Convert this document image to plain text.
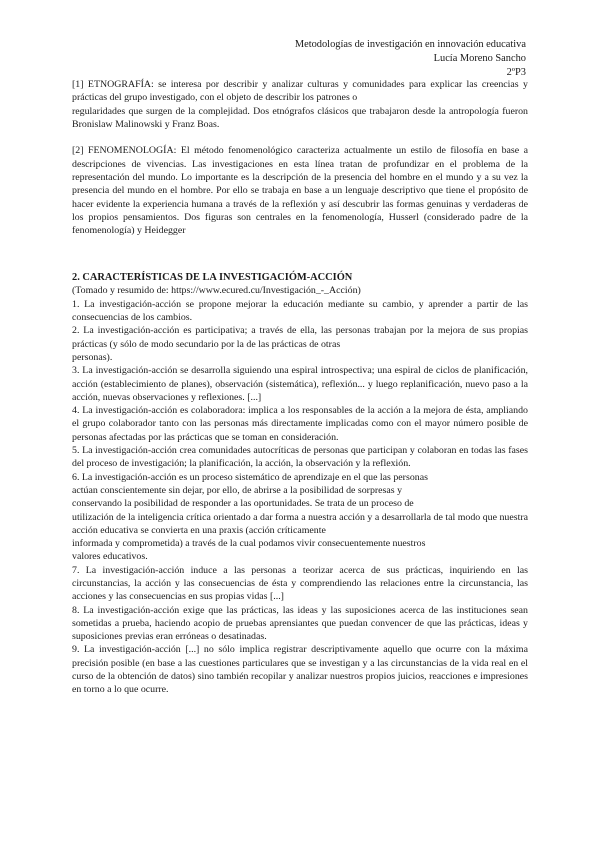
Metodologías de investigación en innovación educativa
Lucía Moreno Sancho
2ºP3

[1] ETNOGRAFÍA: se interesa por describir y analizar culturas y comunidades para explicar las creencias y prácticas del grupo investigado, con el objeto de describir los patrones o

regularidades que surgen de la complejidad. Dos etnógrafos clásicos que trabajaron desde la antropología fueron Bronislaw Malinowski y Franz Boas.

[2] FENOMENOLOGÍA: El método fenomenológico caracteriza actualmente un estilo de filosofía en base a descripciones de vivencias. Las investigaciones en esta línea tratan de profundizar en el problema de la representación del mundo. Lo importante es la descripción de la presencia del hombre en el mundo y a su vez la presencia del mundo en el hombre. Por ello se trabaja en base a un lenguaje descriptivo que tiene el propósito de hacer evidente la experiencia humana a través de la reflexión y así descubrir las formas genuinas y verdaderas de los propios pensamientos. Dos figuras son centrales en la fenomenología, Husserl (considerado padre de la fenomenología) y Heidegger

2. CARACTERÍSTICAS DE LA INVESTIGACIÓM-ACCIÓN

(Tomado y resumido de: https://www.ecured.cu/Investigación_-_Acción)

1. La investigación-acción se propone mejorar la educación mediante su cambio, y aprender a partir de las consecuencias de los cambios.

2. La investigación-acción es participativa; a través de ella, las personas trabajan por la mejora de sus propias prácticas (y sólo de modo secundario por la de las prácticas de otras

personas).

3. La investigación-acción se desarrolla siguiendo una espiral introspectiva; una espiral de ciclos de planificación, acción (establecimiento de planes), observación (sistemática), reflexión... y luego replanificación, nuevo paso a la acción, nuevas observaciones y reflexiones. [...]

4. La investigación-acción es colaboradora: implica a los responsables de la acción a la mejora de ésta, ampliando el grupo colaborador tanto con las personas más directamente implicadas como con el mayor número posible de personas afectadas por las prácticas que se toman en consideración.

5. La investigación-acción crea comunidades autocríticas de personas que participan y colaboran en todas las fases del proceso de investigación; la planificación, la acción, la observación y la reflexión.

6. La investigación-acción es un proceso sistemático de aprendizaje en el que las personas

actúan conscientemente sin dejar, por ello, de abrirse a la posibilidad de sorpresas y

conservando la posibilidad de responder a las oportunidades. Se trata de un proceso de

utilización de la inteligencia crítica orientado a dar forma a nuestra acción y a desarrollarla de tal modo que nuestra acción educativa se convierta en una praxis (acción críticamente

informada y comprometida) a través de la cual podamos vivir consecuentemente nuestros

valores educativos.

7. La investigación-acción induce a las personas a teorizar acerca de sus prácticas, inquiriendo en las circunstancias, la acción y las consecuencias de ésta y comprendiendo las relaciones entre la circunstancia, las acciones y las consecuencias en sus propias vidas [...]

8. La investigación-acción exige que las prácticas, las ideas y las suposiciones acerca de las instituciones sean sometidas a prueba, haciendo acopio de pruebas aprensiantes que puedan convencer de que las prácticas, ideas y suposiciones previas eran erróneas o desatinadas.

9. La investigación-acción [...] no sólo implica registrar descriptivamente aquello que ocurre con la máxima precisión posible (en base a las cuestiones particulares que se investigan y a las circunstancias de la vida real en el curso de la obtención de datos) sino también recopilar y analizar nuestros propios juicios, reacciones e impresiones en torno a lo que ocurre.
